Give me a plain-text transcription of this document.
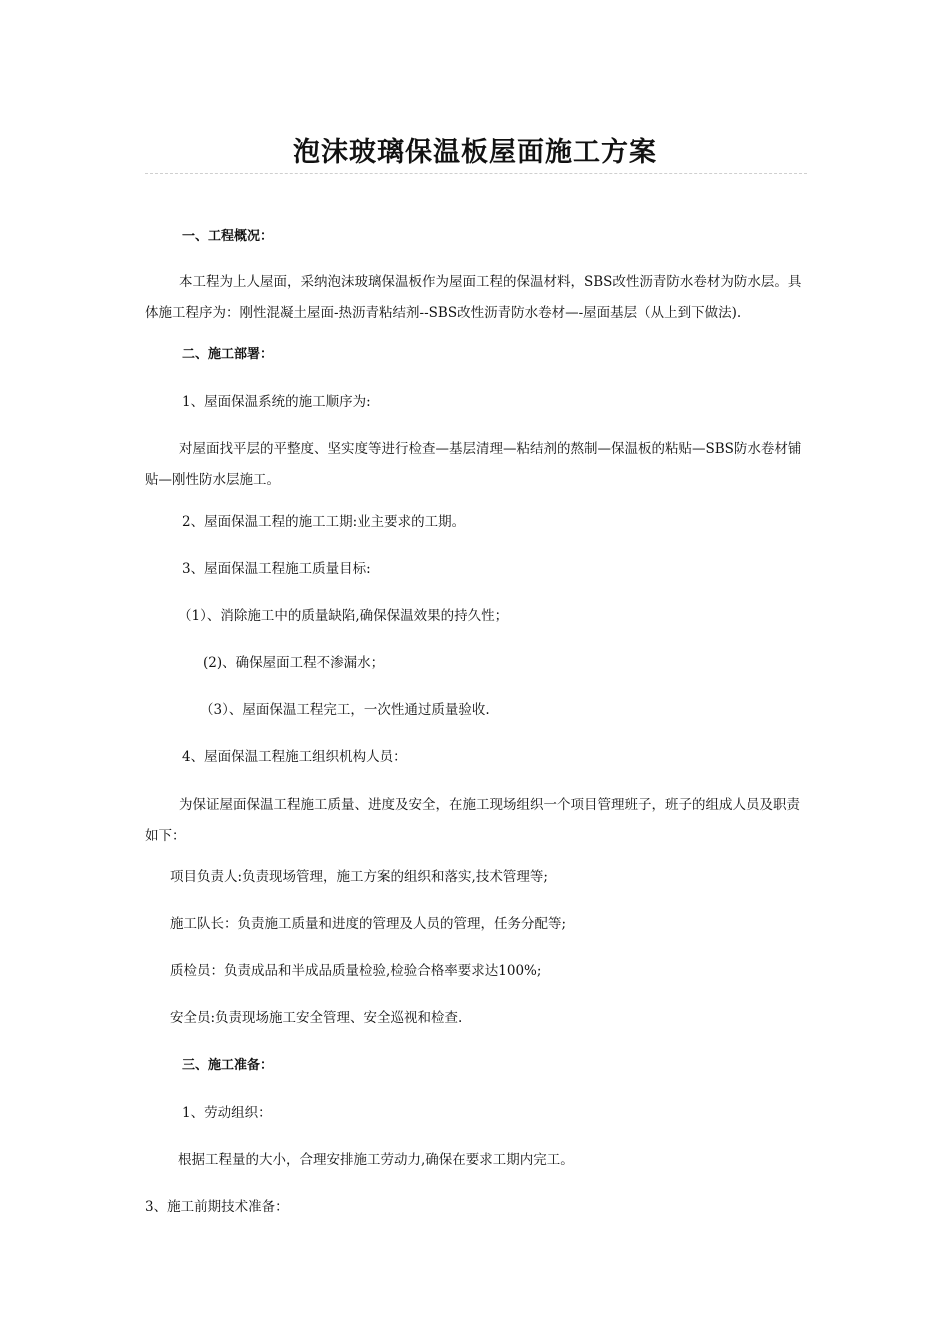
泡沫玻璃保温板屋面施工方案
一、工程概况：
本工程为上人屋面，采纳泡沫玻璃保温板作为屋面工程的保温材料，SBS改性沥青防水卷材为防水层。具体施工程序为：刚性混凝土屋面-热沥青粘结剂--SBS改性沥青防水卷材—-屋面基层（从上到下做法).
二、施工部署：
1、屋面保温系统的施工顺序为:
对屋面找平层的平整度、坚实度等进行检查—基层清理—粘结剂的熬制—保温板的粘贴—SBS防水卷材铺贴—刚性防水层施工。
2、屋面保温工程的施工工期:业主要求的工期。
3、屋面保温工程施工质量目标:
（1）、消除施工中的质量缺陷,确保保温效果的持久性；
(2)、确保屋面工程不渗漏水；
（3）、屋面保温工程完工，一次性通过质量验收.
4、屋面保温工程施工组织机构人员：
为保证屋面保温工程施工质量、进度及安全，在施工现场组织一个项目管理班子，班子的组成人员及职责如下：
项目负责人:负责现场管理，施工方案的组织和落实,技术管理等;
施工队长：负责施工质量和进度的管理及人员的管理，任务分配等;
质检员：负责成品和半成品质量检验,检验合格率要求达100%;
安全员:负责现场施工安全管理、安全巡视和检查.
三、施工准备：
1、劳动组织：
根据工程量的大小，合理安排施工劳动力,确保在要求工期内完工。
3、施工前期技术准备：
